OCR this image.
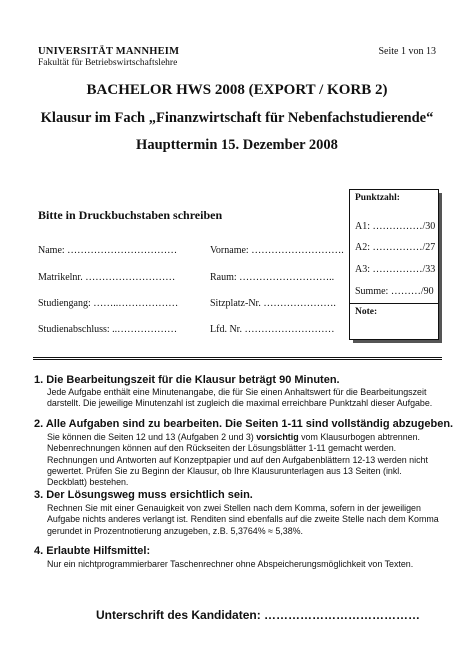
UNIVERSITÄT MANNHEIM
Fakultät für Betriebswirtschaftslehre
Seite 1 von 13
BACHELOR HWS 2008 (EXPORT / KORB 2)
Klausur im Fach „Finanzwirtschaft für Nebenfachstudierende“
Haupttermin 15. Dezember 2008
Bitte in Druckbuchstaben schreiben
Name: ……………………………	Vorname: ……………………….
Matrikelnr. ………………………	Raum: ………………………..
Studiengang: ……..………………	Sitzplatz-Nr. ………………….
Studienabschluss: ..………………	Lfd. Nr. ………………………
Punktzahl:
A1: ……………/30
A2: ……………/27
A3: ……………/33
Summe: ………/90
Note:
1. Die Bearbeitungszeit für die Klausur beträgt 90 Minuten.
Jede Aufgabe enthält eine Minutenangabe, die für Sie einen Anhaltswert für die Bearbeitungszeit darstellt. Die jeweilige Minutenzahl ist zugleich die maximal erreichbare Punktzahl dieser Aufgabe.
2. Alle Aufgaben sind zu bearbeiten. Die Seiten 1-11 sind vollständig abzugeben.
Sie können die Seiten 12 und 13 (Aufgaben 2 und 3) vorsichtig vom Klausurbogen abtrennen. Nebenrechnungen können auf den Rückseiten der Lösungsblätter 1-11 gemacht werden. Rechnungen und Antworten auf Konzeptpapier und auf den Aufgabenblättern 12-13 werden nicht gewertet. Prüfen Sie zu Beginn der Klausur, ob Ihre Klausurunterlagen aus 13 Seiten (inkl. Deckblatt) bestehen.
3. Der Lösungsweg muss ersichtlich sein.
Rechnen Sie mit einer Genauigkeit von zwei Stellen nach dem Komma, sofern in der jeweiligen Aufgabe nichts anderes verlangt ist. Renditen sind ebenfalls auf die zweite Stelle nach dem Komma gerundet in Prozentnotierung anzugeben, z.B. 5,3764% ≈ 5,38%.
4. Erlaubte Hilfsmittel:
Nur ein nichtprogrammierbarer Taschenrechner ohne Abspeicherungsmöglichkeit von Texten.
Unterschrift des Kandidaten: …………………………………
